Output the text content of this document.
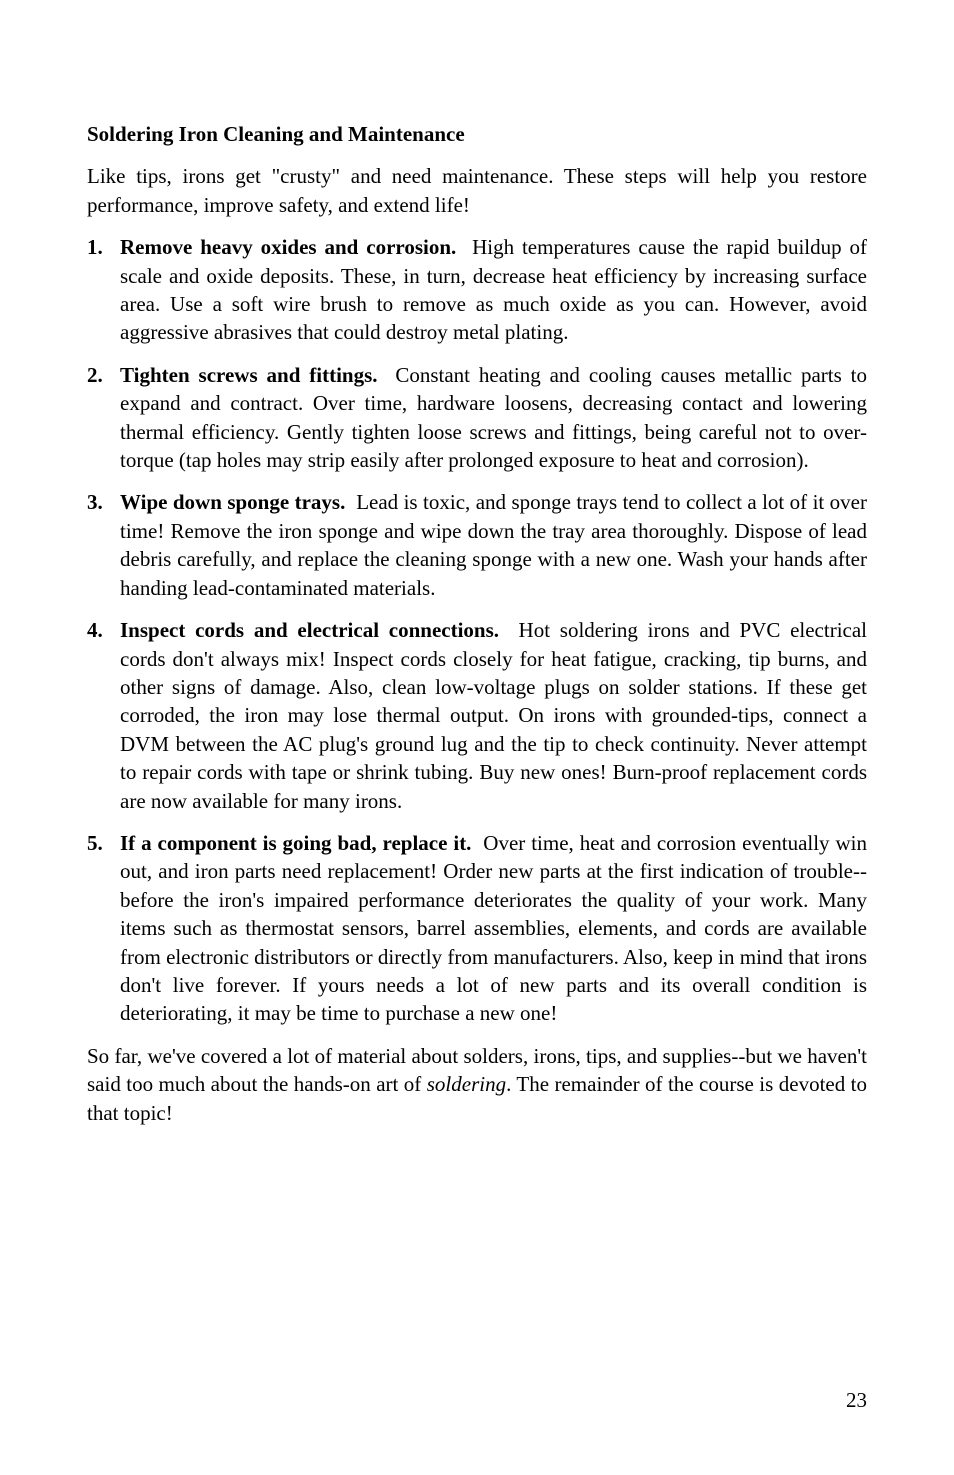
Soldering Iron Cleaning and Maintenance

Like tips, irons get "crusty" and need maintenance. These steps will help you restore performance, improve safety, and extend life!

1. Remove heavy oxides and corrosion. High temperatures cause the rapid buildup of scale and oxide deposits. These, in turn, decrease heat efficiency by increasing surface area. Use a soft wire brush to remove as much oxide as you can. However, avoid aggressive abrasives that could destroy metal plating.
2. Tighten screws and fittings. Constant heating and cooling causes metallic parts to expand and contract. Over time, hardware loosens, decreasing contact and lowering thermal efficiency. Gently tighten loose screws and fittings, being careful not to over-torque (tap holes may strip easily after prolonged exposure to heat and corrosion).
3. Wipe down sponge trays. Lead is toxic, and sponge trays tend to collect a lot of it over time! Remove the iron sponge and wipe down the tray area thoroughly. Dispose of lead debris carefully, and replace the cleaning sponge with a new one. Wash your hands after handing lead-contaminated materials.
4. Inspect cords and electrical connections. Hot soldering irons and PVC electrical cords don't always mix! Inspect cords closely for heat fatigue, cracking, tip burns, and other signs of damage. Also, clean low-voltage plugs on solder stations. If these get corroded, the iron may lose thermal output. On irons with grounded-tips, connect a DVM between the AC plug's ground lug and the tip to check continuity. Never attempt to repair cords with tape or shrink tubing. Buy new ones! Burn-proof replacement cords are now available for many irons.
5. If a component is going bad, replace it. Over time, heat and corrosion eventually win out, and iron parts need replacement! Order new parts at the first indication of trouble--before the iron's impaired performance deteriorates the quality of your work. Many items such as thermostat sensors, barrel assemblies, elements, and cords are available from electronic distributors or directly from manufacturers. Also, keep in mind that irons don't live forever. If yours needs a lot of new parts and its overall condition is deteriorating, it may be time to purchase a new one!

So far, we've covered a lot of material about solders, irons, tips, and supplies--but we haven't said too much about the hands-on art of soldering. The remainder of the course is devoted to that topic!

23
